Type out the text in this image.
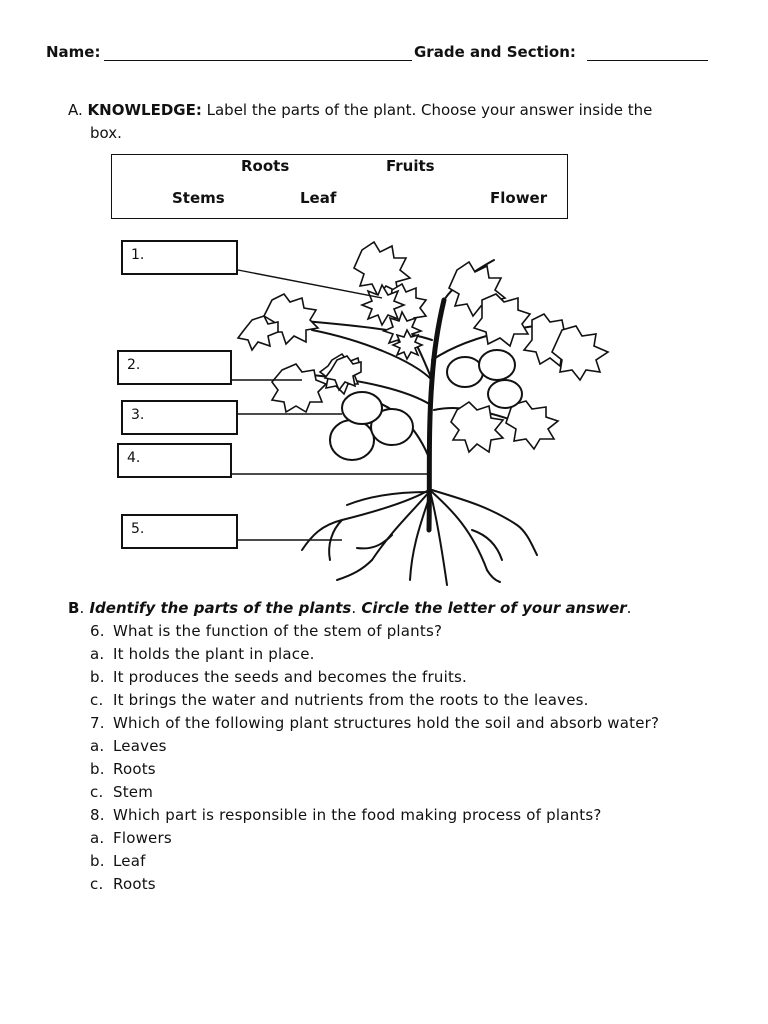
Name:	Grade and Section:
A. KNOWLEDGE: Label the parts of the plant. Choose your answer inside the
box.
Roots	Fruits
Stems	Leaf	Flower
1.
2.
3.
4.
5.
B. Identify the parts of the plants. Circle the letter of your answer.
6. What is the function of the stem of plants?
a. It holds the plant in place.
b. It produces the seeds and becomes the fruits.
c. It brings the water and nutrients from the roots to the leaves.
7. Which of the following plant structures hold the soil and absorb water?
a. Leaves
b. Roots
c. Stem
8. Which part is responsible in the food making process of plants?
a. Flowers
b. Leaf
c. Roots
